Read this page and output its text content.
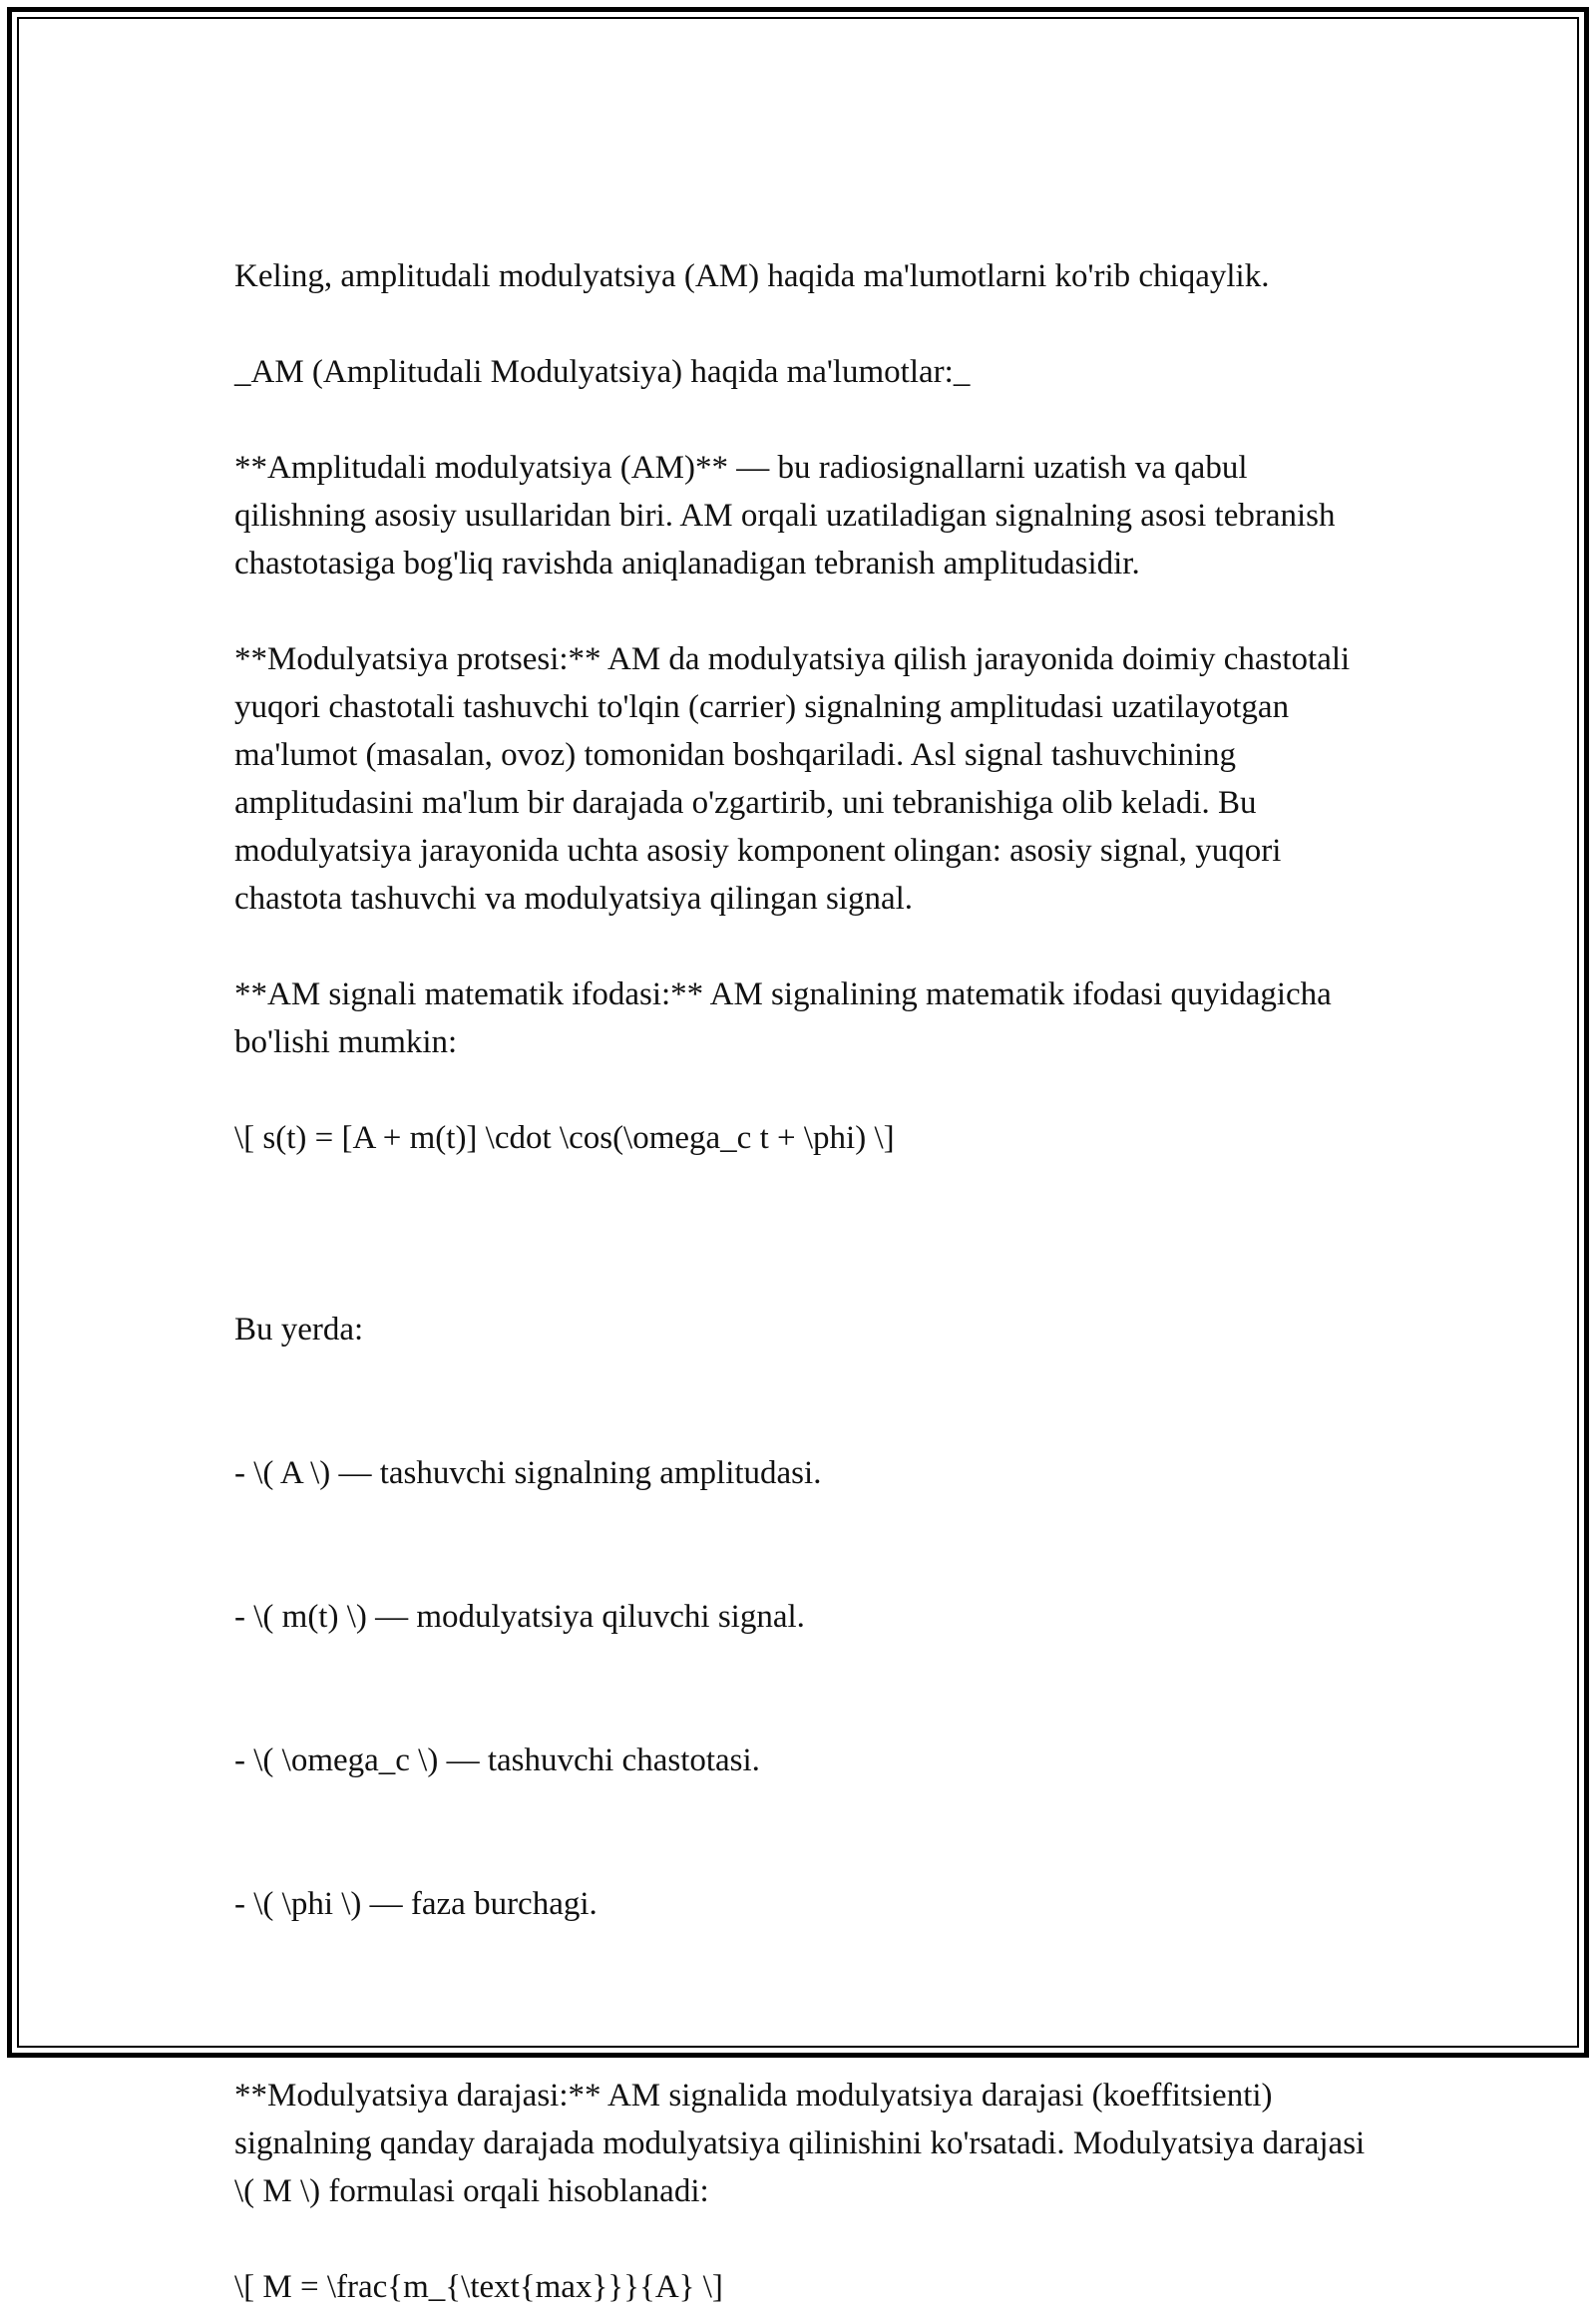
Keling, amplitudali modulyatsiya (AM) haqida ma'lumotlarni ko'rib chiqaylik.

_AM (Amplitudali Modulyatsiya) haqida ma'lumotlar:_

**Amplitudali modulyatsiya (AM)** — bu radiosignallarni uzatish va qabul qilishning asosiy usullaridan biri. AM orqali uzatiladigan signalning asosi tebranish chastotasiga bog'liq ravishda aniqlanadigan tebranish amplitudasidir.

**Modulyatsiya protsesi:** AM da modulyatsiya qilish jarayonida doimiy chastotali yuqori chastotali tashuvchi to'lqin (carrier) signalning amplitudasi uzatilayotgan ma'lumot (masalan, ovoz) tomonidan boshqariladi. Asl signal tashuvchining amplitudasini ma'lum bir darajada o'zgartirib, uni tebranishiga olib keladi. Bu modulyatsiya jarayonida uchta asosiy komponent olingan: asosiy signal, yuqori chastota tashuvchi va modulyatsiya qilingan signal.

**AM signali matematik ifodasi:** AM signalining matematik ifodasi quyidagicha bo'lishi mumkin:

\[ s(t) = [A + m(t)] \cdot \cos(\omega_c t + \phi) \]

Bu yerda:

- \( A \) — tashuvchi signalning amplitudasi.

- \( m(t) \) — modulyatsiya qiluvchi signal.

- \( \omega_c \) — tashuvchi chastotasi.

- \( \phi \) — faza burchagi.

**Modulyatsiya darajasi:** AM signalida modulyatsiya darajasi (koeffitsienti) signalning qanday darajada modulyatsiya qilinishini ko'rsatadi. Modulyatsiya darajasi \( M \) formulasi orqali hisoblanadi:

\[ M = \frac{m_{\text{max}}}{A} \]
